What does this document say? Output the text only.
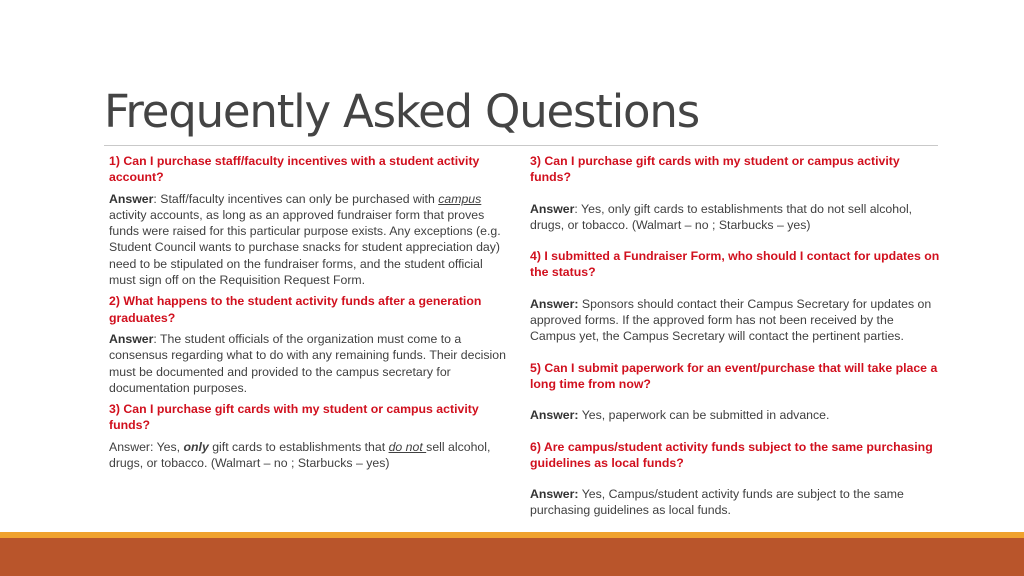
Frequently Asked Questions

1) Can I purchase staff/faculty incentives with a student activity account?

Answer: Staff/faculty incentives can only be purchased with campus activity accounts, as long as an approved fundraiser form that proves funds were raised for this particular purpose exists. Any exceptions (e.g. Student Council wants to purchase snacks for student appreciation day) need to be stipulated on the fundraiser forms, and the student official must sign off on the Requisition Request Form.

2) What happens to the student activity funds after a generation graduates?

Answer: The student officials of the organization must come to a consensus regarding what to do with any remaining funds. Their decision must be documented and provided to the campus secretary for documentation purposes.

3) Can I purchase gift cards with my student or campus activity funds?

Answer: Yes, only gift cards to establishments that do not sell alcohol, drugs, or tobacco. (Walmart – no ; Starbucks – yes)

3) Can I purchase gift cards with my student or campus activity funds?

Answer: Yes, only gift cards to establishments that do not sell alcohol, drugs, or tobacco. (Walmart – no ; Starbucks – yes)

4) I submitted a Fundraiser Form, who should I contact for updates on the status?

Answer: Sponsors should contact their Campus Secretary for updates on approved forms. If the approved form has not been received by the Campus yet, the Campus Secretary will contact the pertinent parties.

5) Can I submit paperwork for an event/purchase that will take place a long time from now?

Answer: Yes, paperwork can be submitted in advance.

6) Are campus/student activity funds subject to the same purchasing guidelines as local funds?

Answer: Yes, Campus/student activity funds are subject to the same purchasing guidelines as local funds.
